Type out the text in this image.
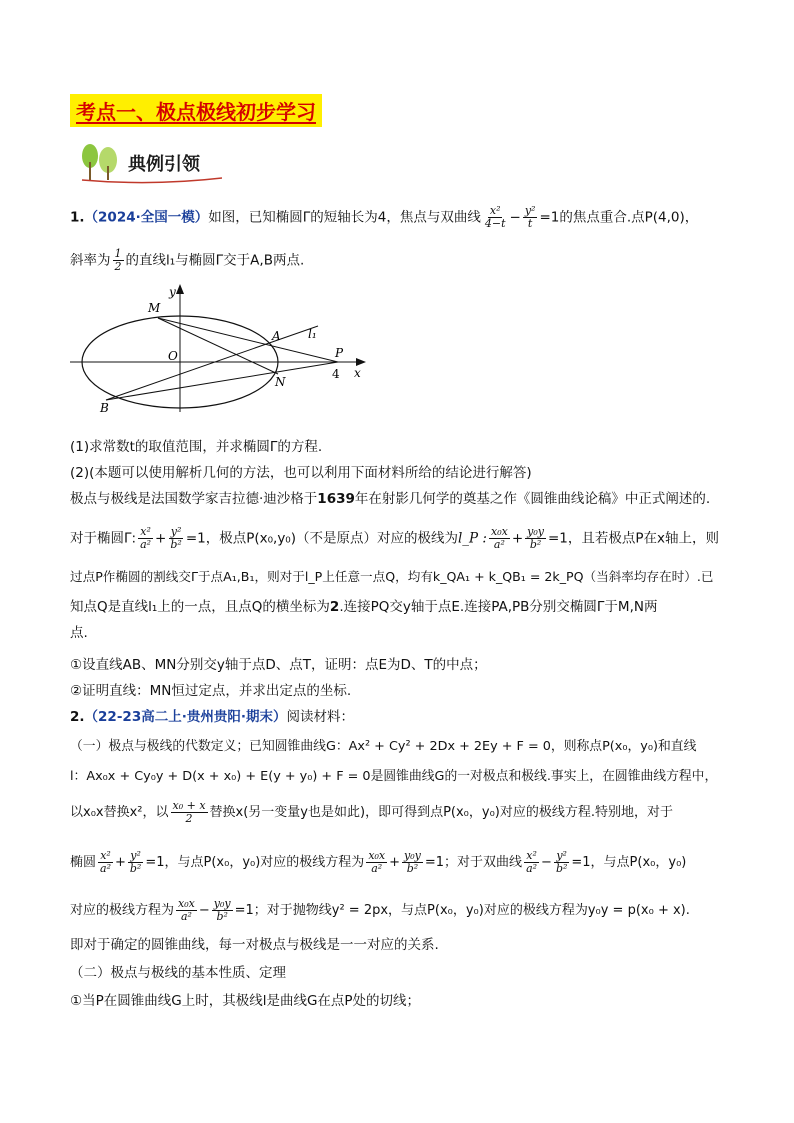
考点一、极点极线初步学习
典例引领
1.（2024·全国一模）如图，已知椭圆Γ的短轴长为4，焦点与双曲线 $\frac{\text{x²}}{4-t} - \frac{\text{y²}}{t} =1$的焦点重合.点P(4,0)，
斜率为 $\frac{1}{2}$ 的直线l₁与椭圆Γ交于A,B两点.
y
x
O
M
A l₁
P
4
N
B
(1)求常数t的取值范围，并求椭圆Γ的方程.
(2)(本题可以使用解析几何的方法，也可以利用下面材料所给的结论进行解答)
极点与极线是法国数学家吉拉德·迪沙格于1639年在射影几何学的奠基之作《圆锥曲线论稿》中正式阐述的.
对于椭圆Γ: $\frac{\text{x²}}{\text{a²}} + \frac{\text{y²}}{\text{b²}} =1$，极点P(x₀,y₀)（不是原点）对应的极线为l_P : $\frac{\text{x₀x}}{\text{a²}} + \frac{\text{y₀y}}{\text{b²}} =1$，且若极点P在x轴上，则
过点P作椭圆的割线交Γ于点A₁,B₁，则对于l_P上任意一点Q，均有k_QA₁ + k_QB₁ = 2k_PQ（当斜率均存在时）.已
知点Q是直线l₁上的一点，且点Q的横坐标为2.连接PQ交y轴于点E.连接PA,PB分别交椭圆Γ于M,N两
点.
①设直线AB、MN分别交y轴于点D、点T，证明：点E为D、T的中点；
②证明直线：MN恒过定点，并求出定点的坐标.
2.（22-23高二上·贵州贵阳·期末）阅读材料：
（一）极点与极线的代数定义；已知圆锥曲线G：Ax² + Cy² + 2Dx + 2Ey + F = 0，则称点P(x₀，y₀)和直线
l：Ax₀x + Cy₀y + D(x + x₀) + E(y + y₀) + F = 0是圆锥曲线G的一对极点和极线.事实上，在圆锥曲线方程中，
以x₀x替换x²，以 $\frac{\text{x₀ + x}}{2}$ 替换x(另一变量y也是如此)，即可得到点P(x₀，y₀)对应的极线方程.特别地，对于
椭圆 $\frac{\text{x²}}{\text{a²}} + \frac{\text{y²}}{\text{b²}} =1$，与点P(x₀，y₀)对应的极线方程为 $\frac{\text{x₀x}}{\text{a²}} + \frac{\text{y₀y}}{\text{b²}} =1$；对于双曲线 $\frac{\text{x²}}{\text{a²}} - \frac{\text{y²}}{\text{b²}} =1$，与点P(x₀，y₀)
对应的极线方程为 $\frac{\text{x₀x}}{\text{a²}} - \frac{\text{y₀y}}{\text{b²}} =1$；对于抛物线y² = 2px，与点P(x₀，y₀)对应的极线方程为y₀y = p(x₀ + x).
即对于确定的圆锥曲线，每一对极点与极线是一一对应的关系.
（二）极点与极线的基本性质、定理
①当P在圆锥曲线G上时，其极线l是曲线G在点P处的切线；
